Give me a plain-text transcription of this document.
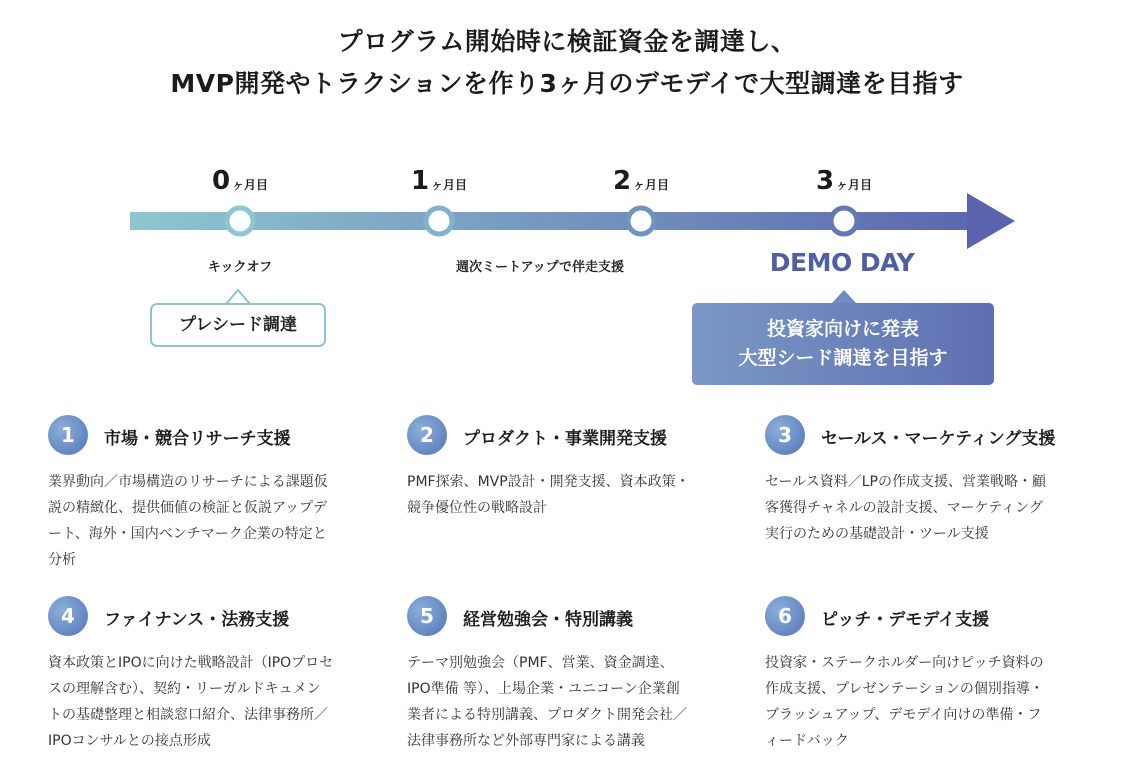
プログラム開始時に検証資金を調達し、
MVP開発やトラクションを作り3ヶ月のデモデイで大型調達を目指す
0 ヶ月目	1 ヶ月目	2 ヶ月目	3 ヶ月目
キックオフ	週次ミートアップで伴走支援	DEMO DAY
プレシード調達	投資家向けに発表
大型シード調達を目指す
1	市場・競合リサーチ支援
業界動向／市場構造のリサーチによる課題仮
説の精緻化、提供価値の検証と仮説アップデ
ート、海外・国内ベンチマーク企業の特定と
分析
2	プロダクト・事業開発支援
PMF探索、MVP設計・開発支援、資本政策・
競争優位性の戦略設計
3	セールス・マーケティング支援
セールス資料／LPの作成支援、営業戦略・顧
客獲得チャネルの設計支援、マーケティング
実行のための基礎設計・ツール支援
4	ファイナンス・法務支援
資本政策とIPOに向けた戦略設計（IPOプロセ
スの理解含む）、契約・リーガルドキュメン
トの基礎整理と相談窓口紹介、法律事務所／
IPOコンサルとの接点形成
5	経営勉強会・特別講義
テーマ別勉強会（PMF、営業、資金調達、
IPO準備 等）、上場企業・ユニコーン企業創
業者による特別講義、プロダクト開発会社／
法律事務所など外部専門家による講義
6	ピッチ・デモデイ支援
投資家・ステークホルダー向けピッチ資料の
作成支援、プレゼンテーションの個別指導・
ブラッシュアップ、デモデイ向けの準備・フ
ィードバック
